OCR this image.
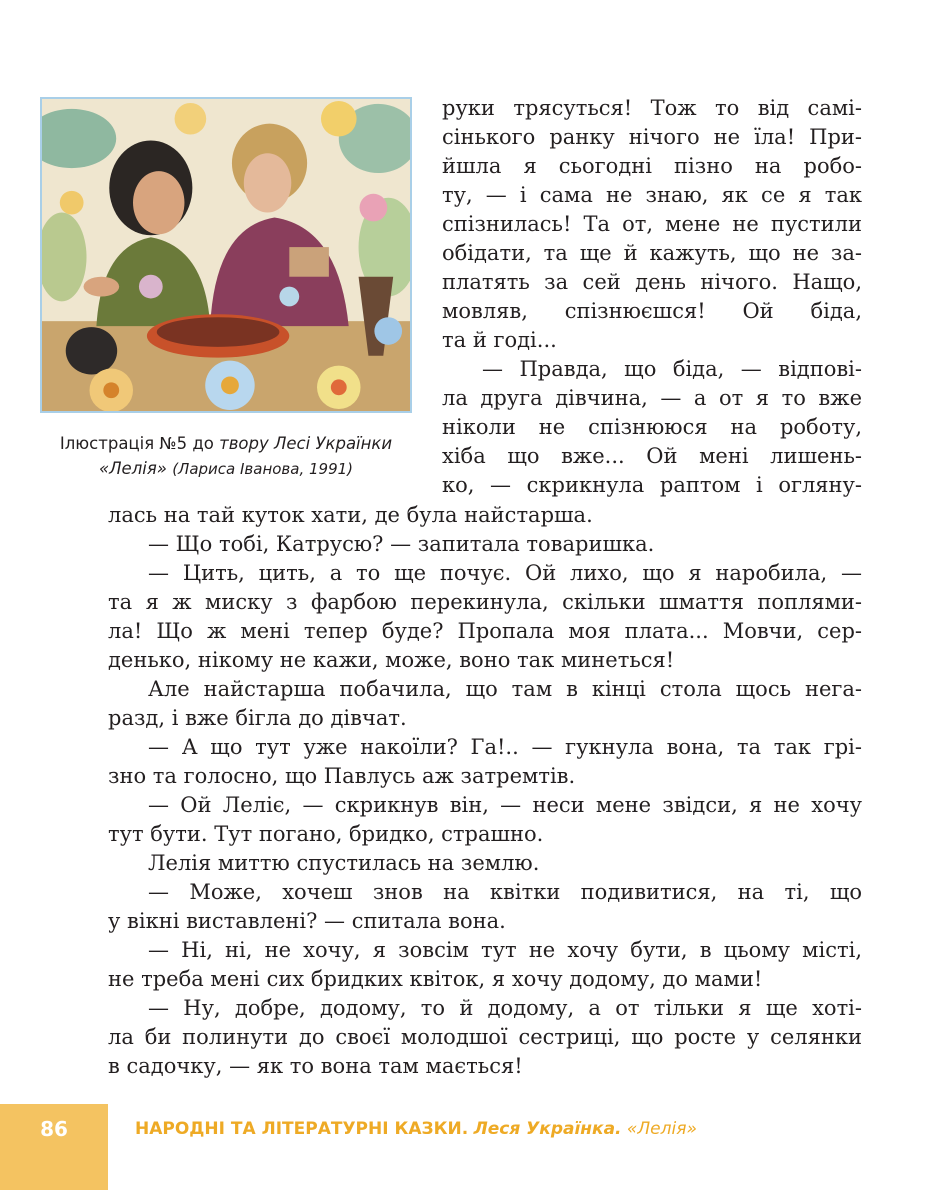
Ілюстрація №5 до твору Лесі Українки
«Лелія» (Лариса Іванова, 1991)
руки трясуться! Тож то від самі-
сінького ранку нічого не їла! При-
йшла я сьогодні пізно на робо-
ту, — і сама не знаю, як се я так
спізнилась! Та от, мене не пустили
обідати, та ще й кажуть, що не за-
платять за сей день нічого. Нащо,
мовляв, спізнюєшся! Ой біда,
та й годі...
— Правда, що біда, — відпові-
ла друга дівчина, — а от я то вже
ніколи не спізнююся на роботу,
хіба що вже... Ой мені лишень-
ко, — скрикнула раптом і огляну-
лась на тай куток хати, де була найстарша.
— Що тобі, Катрусю? — запитала товаришка.
— Цить, цить, а то ще почує. Ой лихо, що я наробила, —
та я ж миску з фарбою перекинула, скільки шмаття поплями-
ла! Що ж мені тепер буде? Пропала моя плата... Мовчи, сер-
денько, нікому не кажи, може, воно так минеться!
Але найстарша побачила, що там в кінці стола щось нега-
разд, і вже бігла до дівчат.
— А що тут уже накоїли? Га!.. — гукнула вона, та так грі-
зно та голосно, що Павлусь аж затремтів.
— Ой Леліє, — скрикнув він, — неси мене звідси, я не хочу
тут бути. Тут погано, бридко, страшно.
Лелія миттю спустилась на землю.
— Може, хочеш знов на квітки подивитися, на ті, що
у вікні виставлені? — спитала вона.
— Ні, ні, не хочу, я зовсім тут не хочу бути, в цьому місті,
не треба мені сих бридких квіток, я хочу додому, до мами!
— Ну, добре, додому, то й додому, а от тільки я ще хоті-
ла би полинути до своєї молодшої сестриці, що росте у селянки
в садочку, — як то вона там мається!
86	НАРОДНІ ТА ЛІТЕРАТУРНІ КАЗКИ. Леся Українка. «Лелія»
